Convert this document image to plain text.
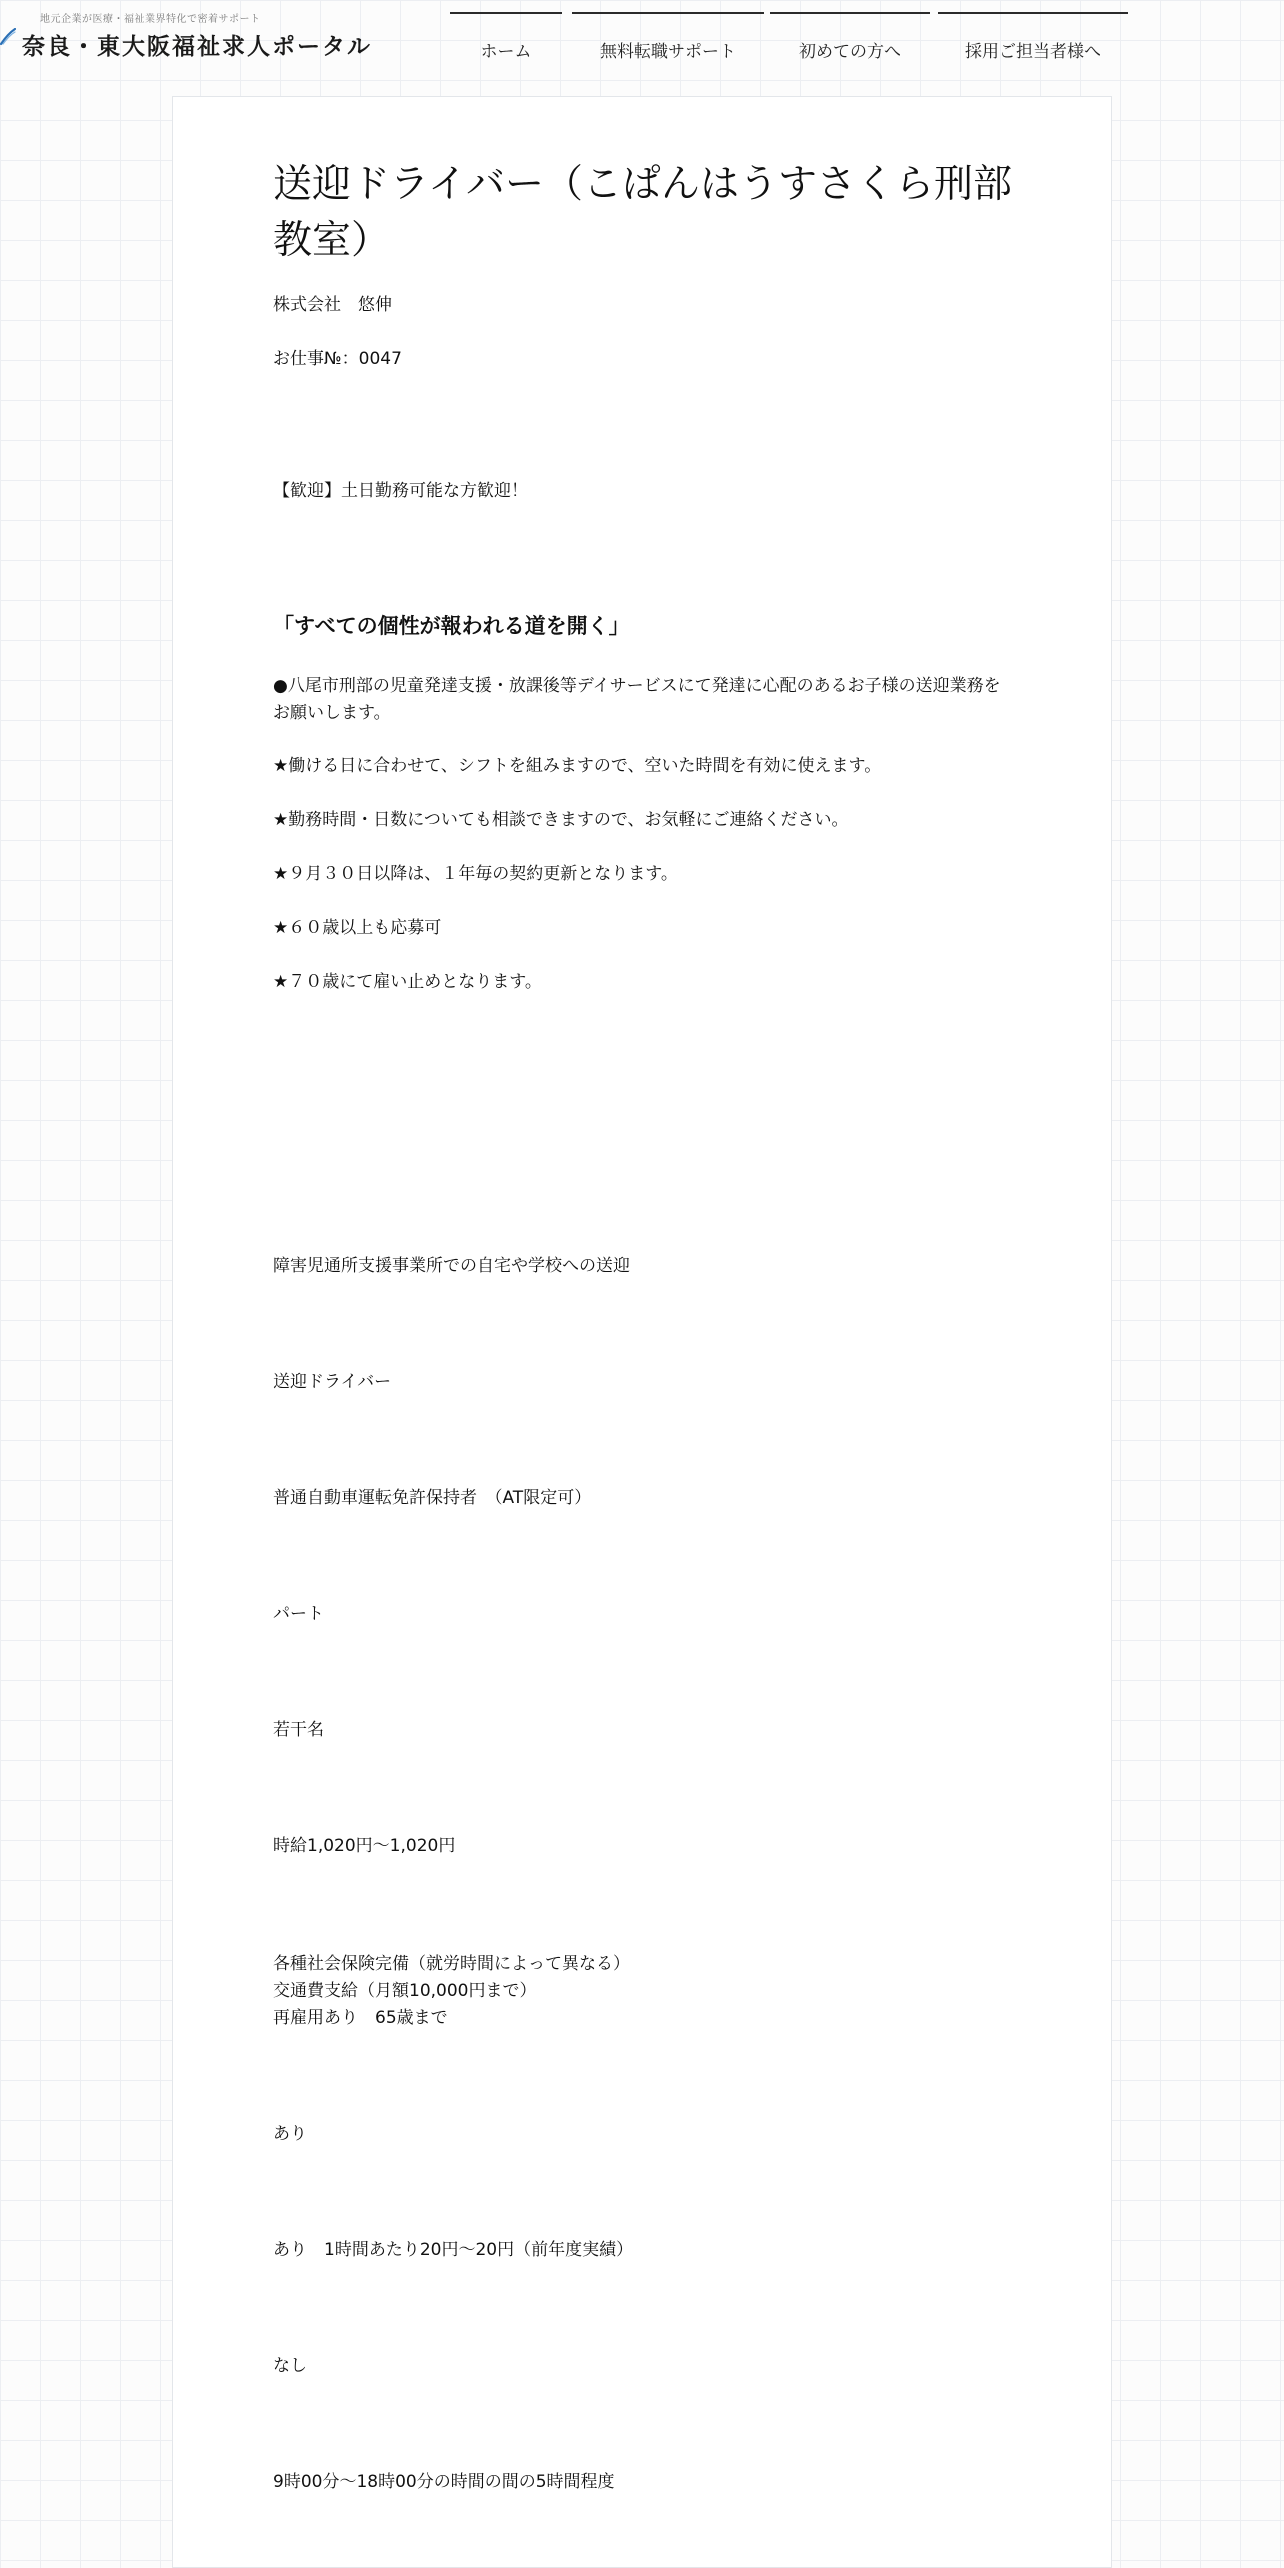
地元企業が医療・福祉業界特化で密着サポート
奈良・東大阪福祉求人ポータル	ホーム	無料転職サポート	初めての方へ	採用ご担当者様へ
送迎ドライバー（こぱんはうすさくら刑部教室）

株式会社　悠伸

お仕事№：0047

【歓迎】土日勤務可能な方歓迎！

「すべての個性が報われる道を開く」

●八尾市刑部の児童発達支援・放課後等デイサービスにて発達に心配のあるお子様の送迎業務をお願いします。

★働ける日に合わせて、シフトを組みますので、空いた時間を有効に使えます。

★勤務時間・日数についても相談できますので、お気軽にご連絡ください。

★９月３０日以降は、１年毎の契約更新となります。

★６０歳以上も応募可

★７０歳にて雇い止めとなります。

障害児通所支援事業所での自宅や学校への送迎

送迎ドライバー

普通自動車運転免許保持者　（AT限定可）

パート

若干名

時給1,020円〜1,020円

各種社会保険完備（就労時間によって異なる）
交通費支給（月額10,000円まで）
再雇用あり　65歳まで

あり

あり　1時間あたり20円〜20円（前年度実績）

なし

9時00分〜18時00分の時間の間の5時間程度
